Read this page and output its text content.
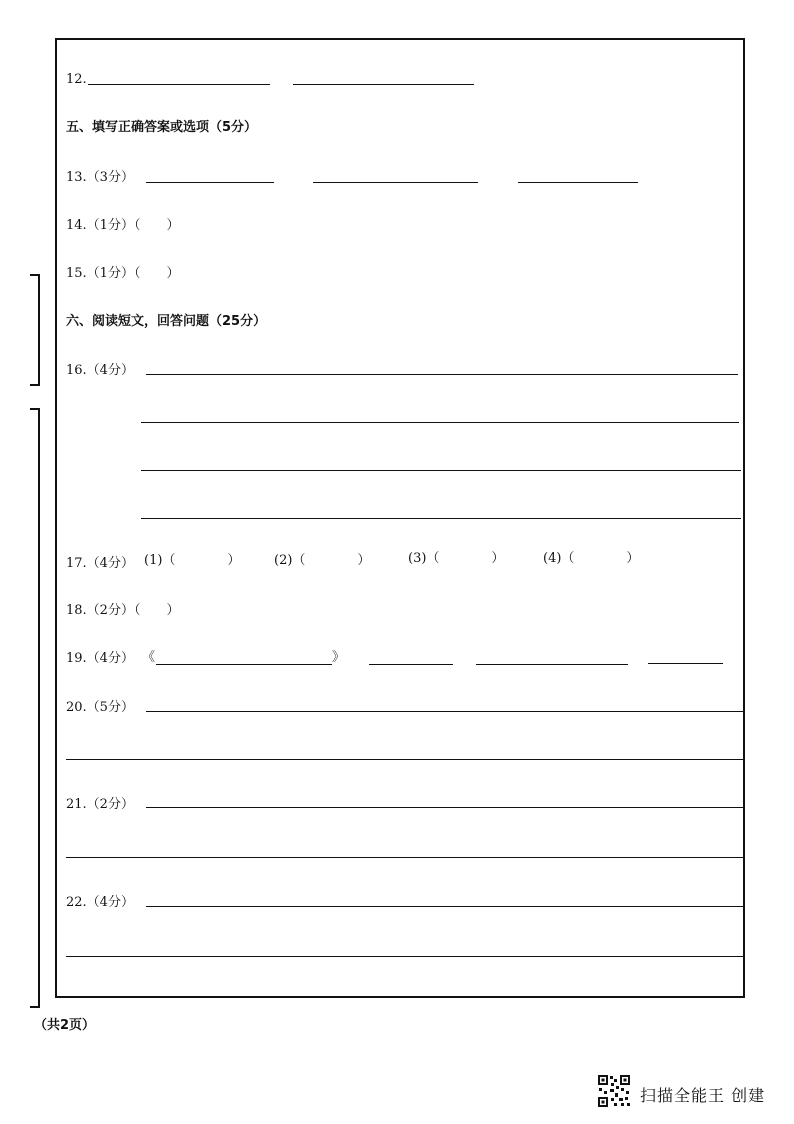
12.
五、填写正确答案或选项（5分）
13.（3分）
14.（1分）（　　）
15.（1分）（　　）
六、阅读短文，回答问题（25分）
16.（4分）
17.（4分） (1)（　　　　）	(2)（　　　　）	(3)（　　　　）	(4)（　　　　）
18.（2分）（　　）
19.（4分） 《	》
20.（5分）
21.（2分）
22.（4分）
（共2页）
扫描全能王 创建
